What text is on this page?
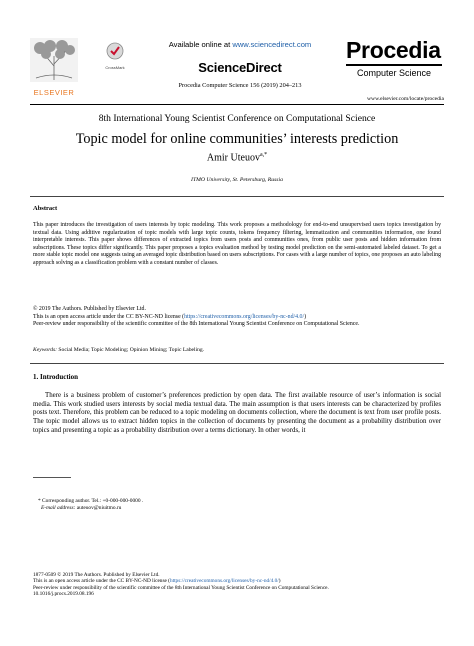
ELSEVIER
CrossMark
Available online at www.sciencedirect.com
ScienceDirect
Procedia Computer Science 156 (2019) 204–213
Procedia
Computer Science
www.elsevier.com/locate/procedia
8th International Young Scientist Conference on Computational Science
Topic model for online communities’ interests prediction
Amir Uteuov$^{a,*}$
ITMO University, St. Petersburg, Russia
Abstract
This paper introduces the investigation of users interests by topic modeling. This work proposes a methodology for end-to-end unsupervised users topics investigation by textual data. Using additive regularization of topic models with large topic counts, tokens frequency filtering, lemmatization and communities information, one found interpretable interests. This paper shows differences of extracted topics from users posts and communities ones, from public user posts and hidden information from subscriptions. These topics differ significantly. This paper proposes a topics evaluation method by testing model prediction on the semi-automated labeled dataset. To get a more stable topic model one suggests using an averaged topic distribution based on users subscriptions. For cases with a large number of topics, one proposes an auto labeling approach solving as a classification problem with a constant number of classes.
© 2019 The Authors. Published by Elsevier Ltd.
This is an open access article under the CC BY-NC-ND license (https://creativecommons.org/licenses/by-nc-nd/4.0/)
Peer-review under responsibility of the scientific committee of the 8th International Young Scientist Conference on Computational Science.
Keywords: Social Media; Topic Modeling; Opinion Mining; Topic Labeling.
1. Introduction
There is a business problem of customer’s preferences prediction by open data. The first available resource of user’s information is social media. This work studied users interests by social media textual data. The main assumption is that users interests can be characterized by profiles posts text. Therefore, this problem can be reduced to a topic modeling on documents collection, where the document is text from user profile posts. The topic model allows us to extract hidden topics in the collection of documents by presenting the document as a probability distribution over topics and presenting a topic as a probability distribution over a terms dictionary. In other words, it
* Corresponding author. Tel.: +0-000-000-0000 .
E-mail address: auteuov@niuitmo.ru
1877-0509 © 2019 The Authors. Published by Elsevier Ltd.
This is an open access article under the CC BY-NC-ND license (https://creativecommons.org/licenses/by-nc-nd/4.0/)
Peer-review under responsibility of the scientific committee of the 8th International Young Scientist Conference on Computational Science.
10.1016/j.procs.2019.08.196
